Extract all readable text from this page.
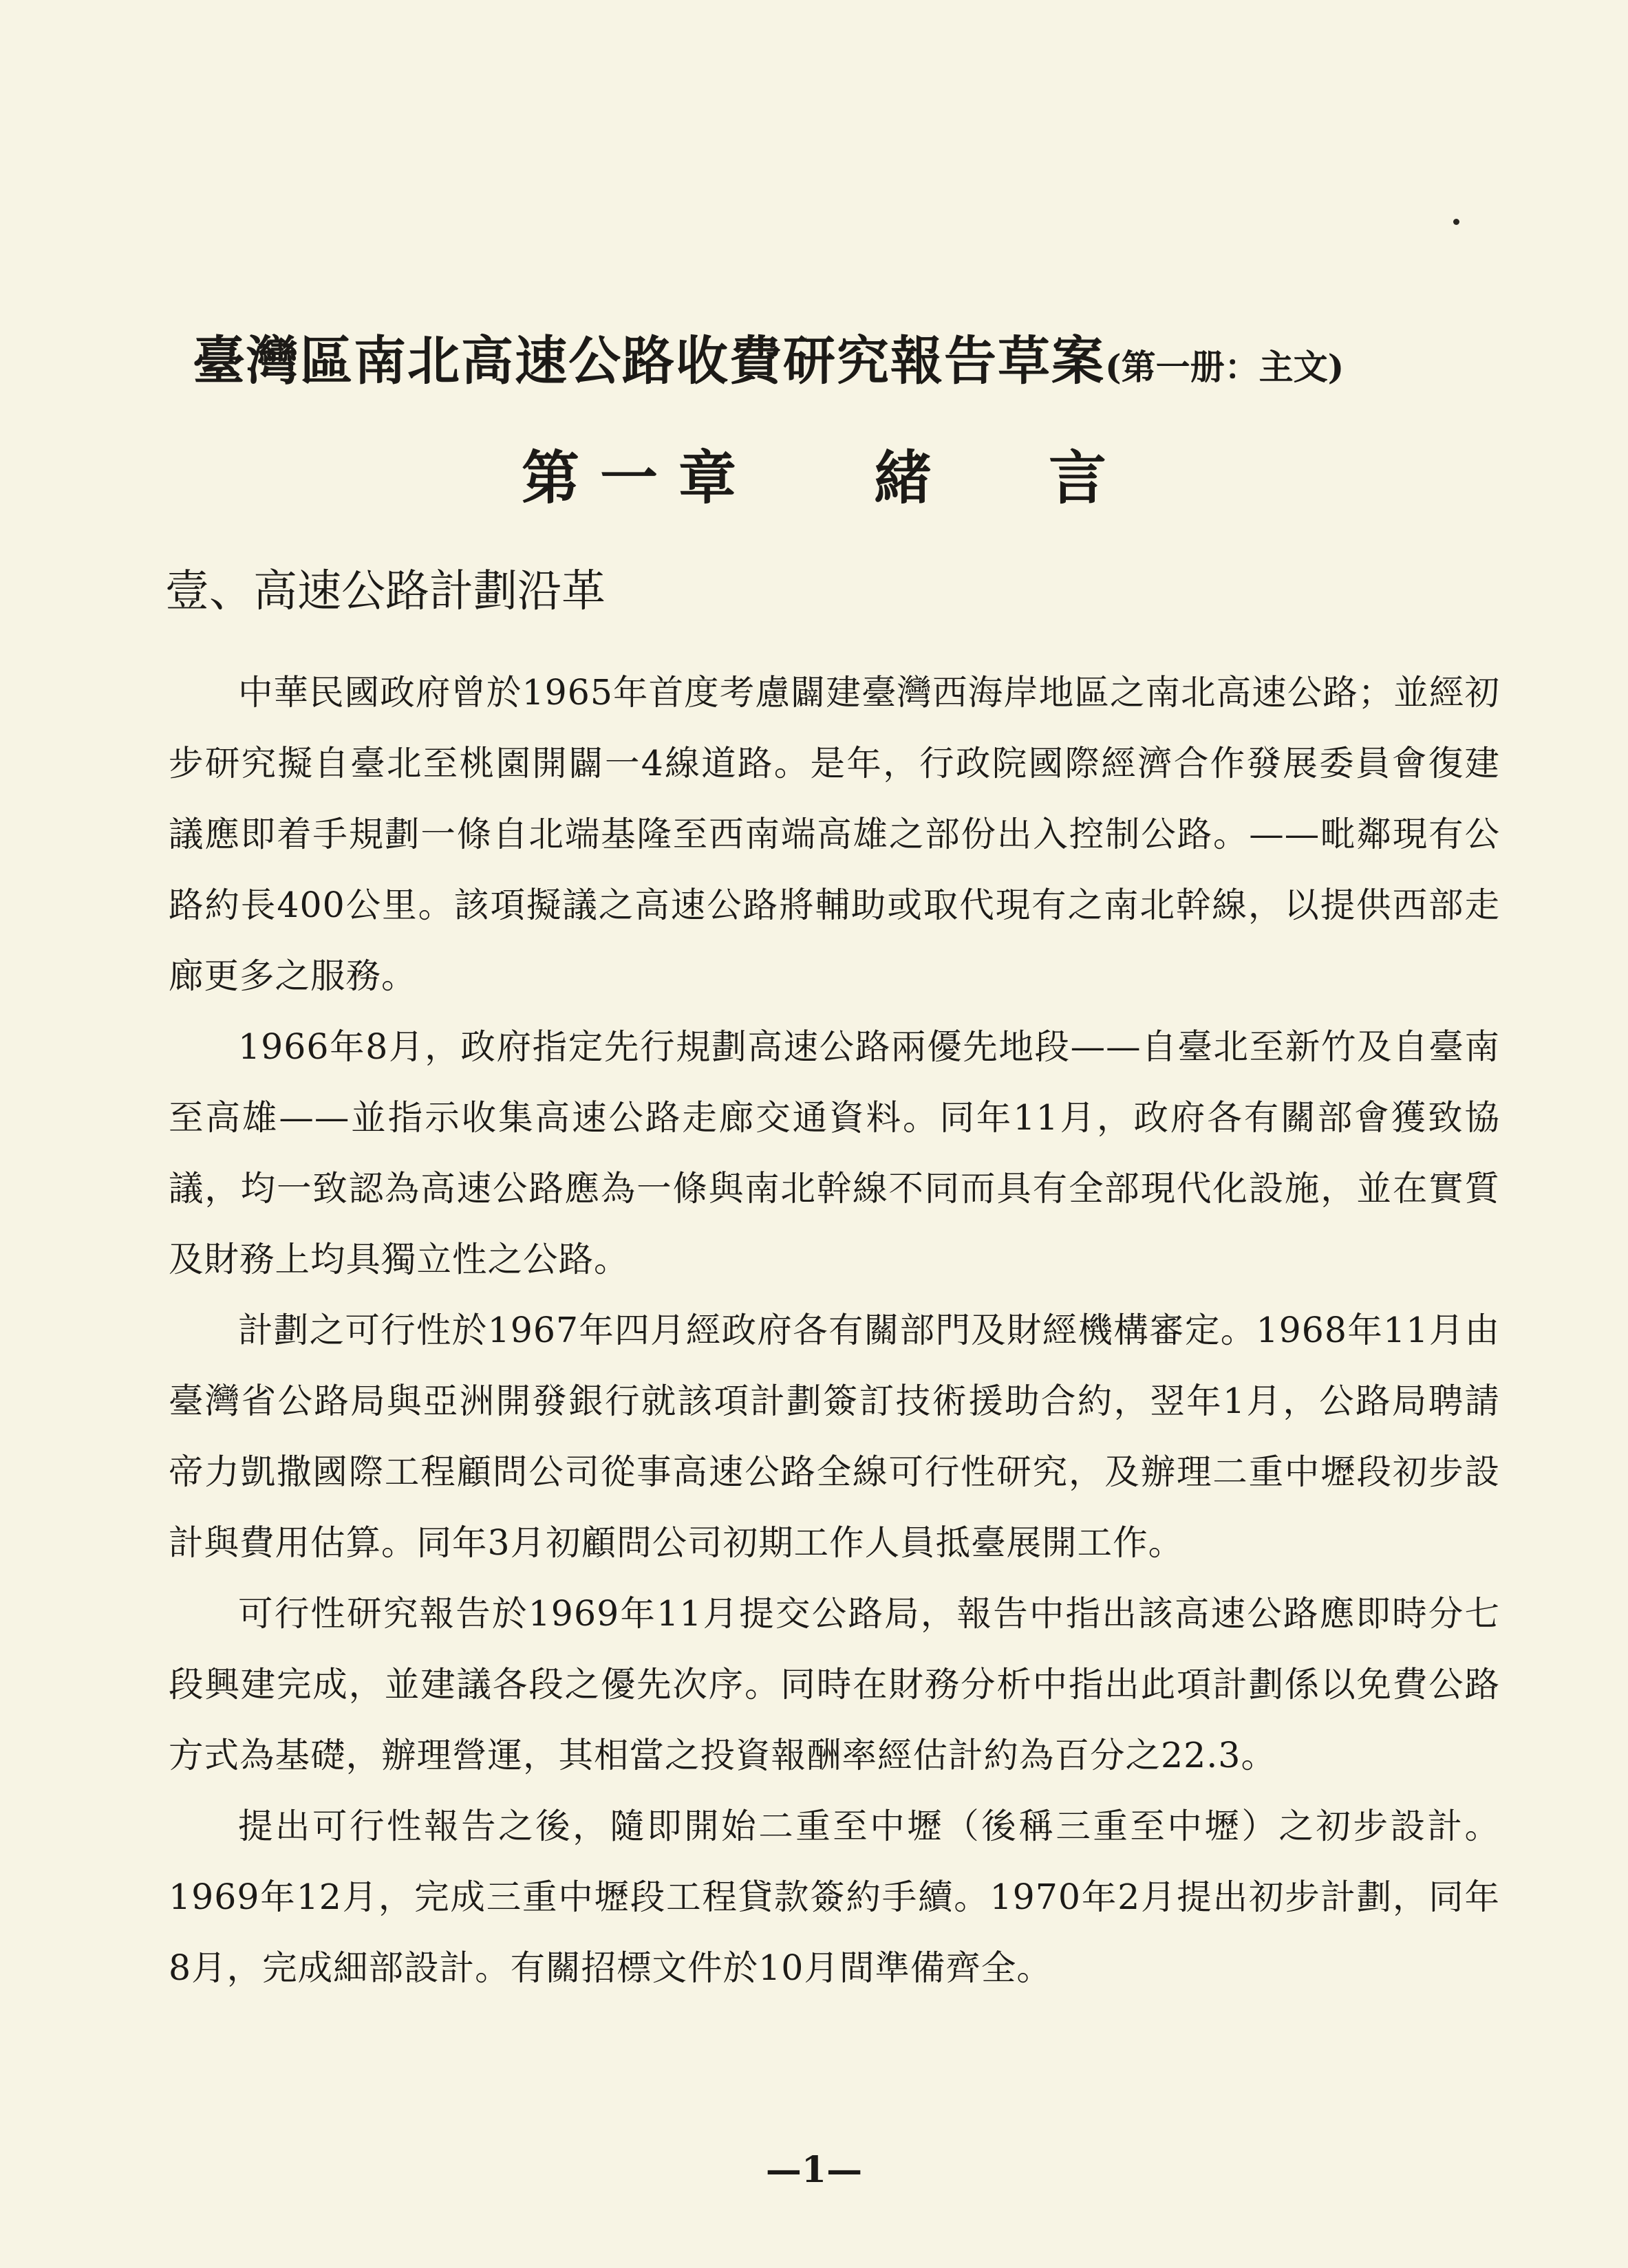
臺灣區南北高速公路收費研究報告草案(第一册：主文)
第一章 緒言
壹、高速公路計劃沿革

中華民國政府曾於1965年首度考慮闢建臺灣西海岸地區之南北高速公路；並經初步研究擬自臺北至桃園開闢一4線道路。是年，行政院國際經濟合作發展委員會復建議應即着手規劃一條自北端基隆至西南端高雄之部份出入控制公路。——毗鄰現有公路約長400公里。該項擬議之高速公路將輔助或取代現有之南北幹線，以提供西部走廊更多之服務。

1966年8月，政府指定先行規劃高速公路兩優先地段——自臺北至新竹及自臺南至高雄——並指示收集高速公路走廊交通資料。同年11月，政府各有關部會獲致協議，均一致認為高速公路應為一條與南北幹線不同而具有全部現代化設施，並在實質及財務上均具獨立性之公路。

計劃之可行性於1967年四月經政府各有關部門及財經機構審定。1968年11月由臺灣省公路局與亞洲開發銀行就該項計劃簽訂技術援助合約，翌年1月，公路局聘請帝力凱撒國際工程顧問公司從事高速公路全線可行性研究，及辦理二重中壢段初步設計與費用估算。同年3月初顧問公司初期工作人員抵臺展開工作。

可行性研究報告於1969年11月提交公路局，報告中指出該高速公路應即時分七段興建完成，並建議各段之優先次序。同時在財務分析中指出此項計劃係以免費公路方式為基礎，辦理營運，其相當之投資報酬率經估計約為百分之22.3。

提出可行性報告之後，隨即開始二重至中壢（後稱三重至中壢）之初步設計。1969年12月，完成三重中壢段工程貸款簽約手續。1970年2月提出初步計劃，同年8月，完成細部設計。有關招標文件於10月間準備齊全。

—1—
